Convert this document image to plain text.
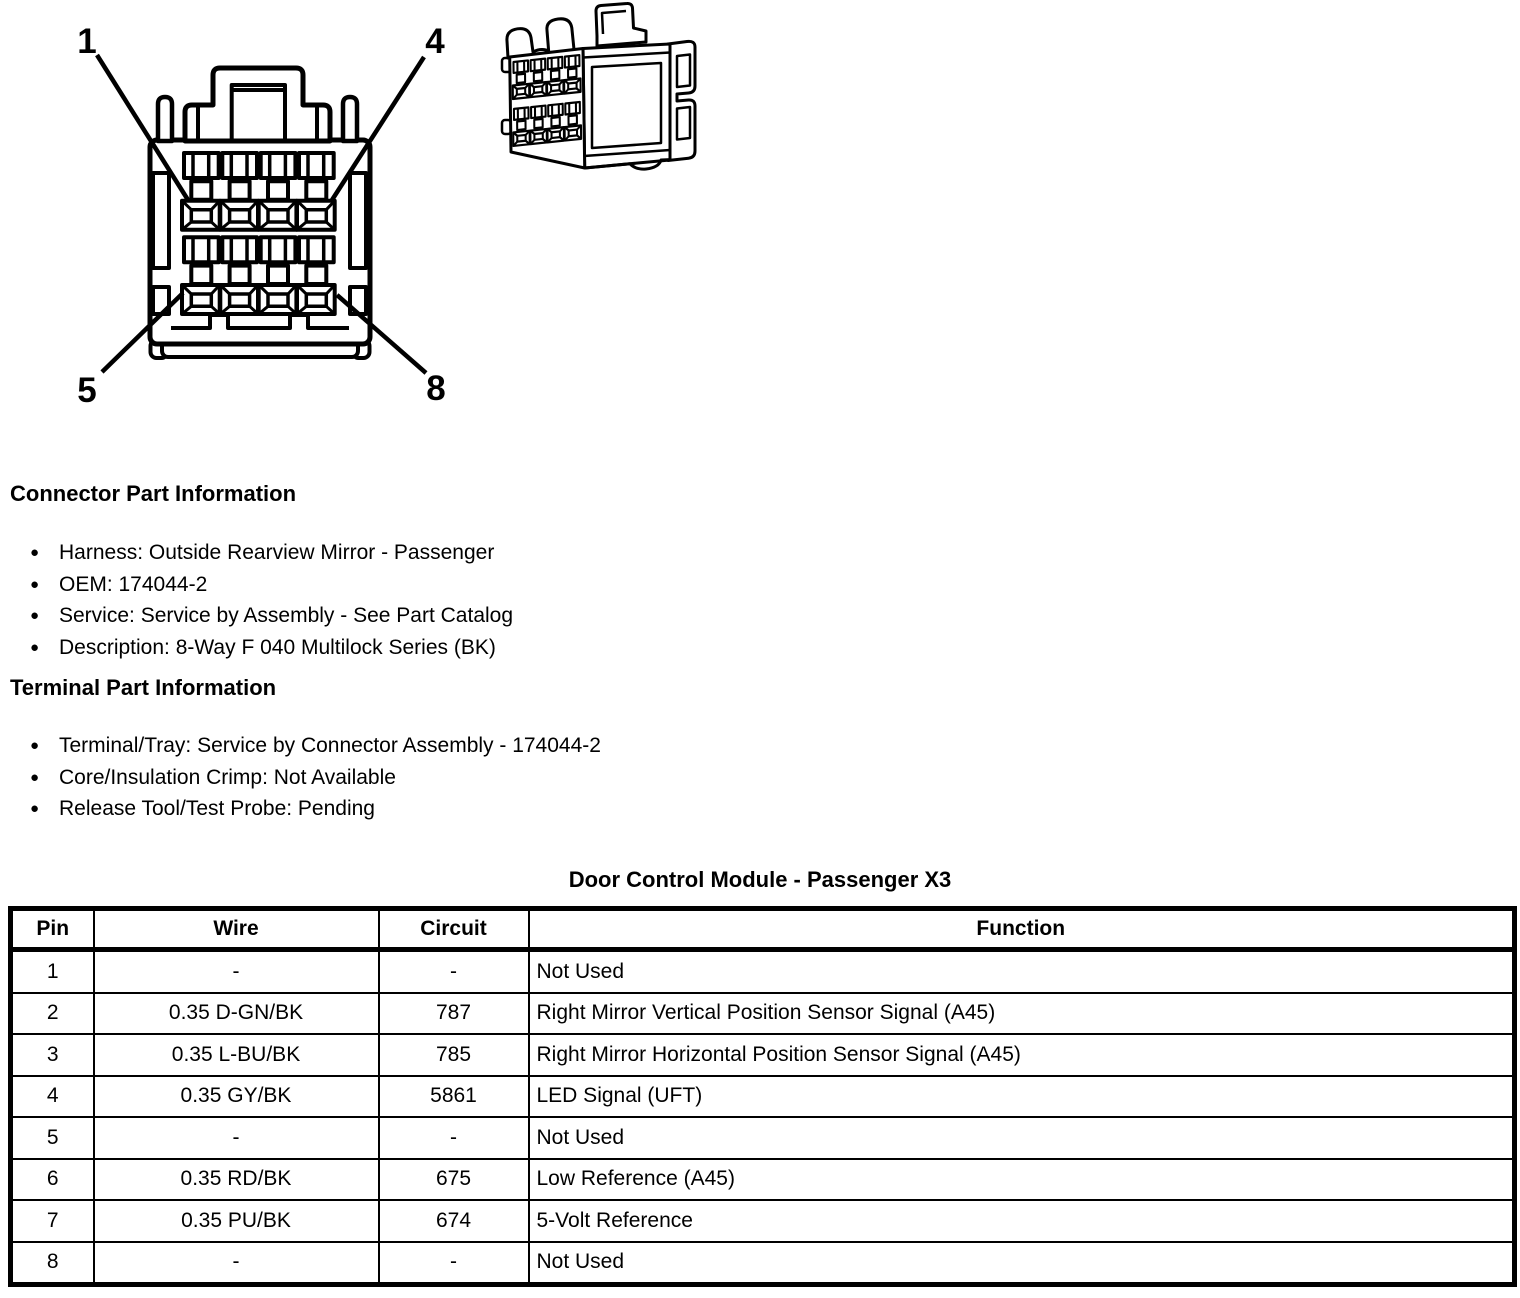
1	4
5	8
Connector Part Information
● Harness: Outside Rearview Mirror - Passenger
● OEM: 174044-2
● Service: Service by Assembly - See Part Catalog
● Description: 8-Way F 040 Multilock Series (BK)
Terminal Part Information
● Terminal/Tray: Service by Connector Assembly - 174044-2
● Core/Insulation Crimp: Not Available
● Release Tool/Test Probe: Pending
Door Control Module - Passenger X3
Pin	Wire	Circuit	Function
1	-	-	Not Used
2	0.35 D-GN/BK	787	Right Mirror Vertical Position Sensor Signal (A45)
3	0.35 L-BU/BK	785	Right Mirror Horizontal Position Sensor Signal (A45)
4	0.35 GY/BK	5861	LED Signal (UFT)
5	-	-	Not Used
6	0.35 RD/BK	675	Low Reference (A45)
7	0.35 PU/BK	674	5-Volt Reference
8	-	-	Not Used
